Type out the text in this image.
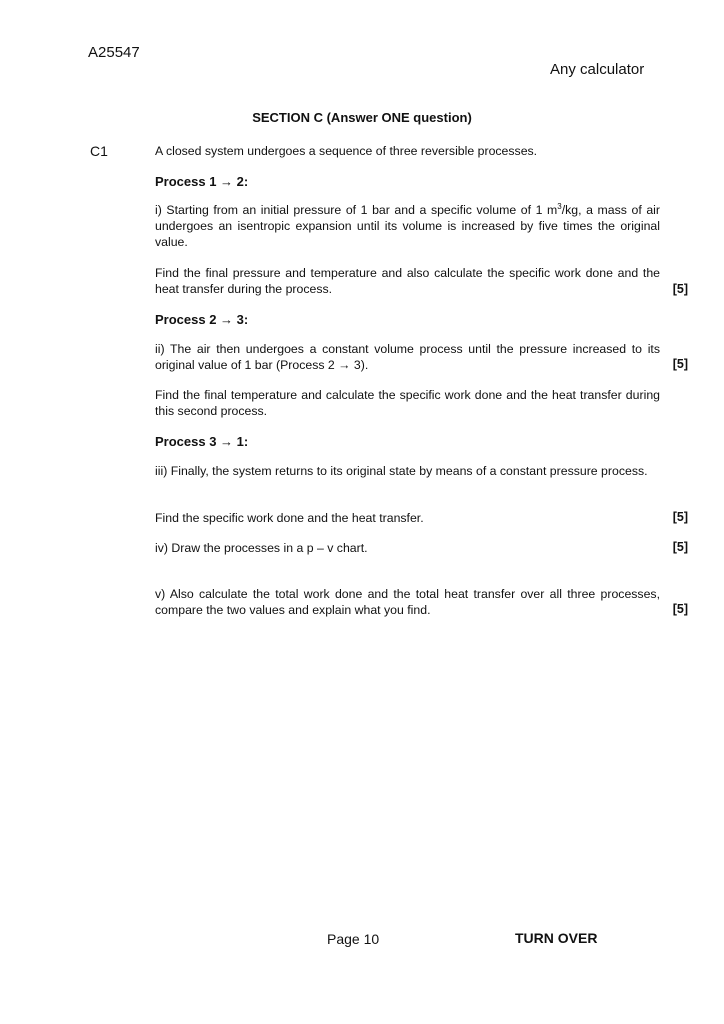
A25547
Any calculator
SECTION C (Answer ONE question)
C1	A closed system undergoes a sequence of three reversible processes.
Process 1 → 2:
i) Starting from an initial pressure of 1 bar and a specific volume of 1 $m^3/kg$, a mass of air undergoes an isentropic expansion until its volume is increased by five times the original value.
Find the final pressure and temperature and also calculate the specific work done and the heat transfer during the process.	[5]
Process 2 → 3:
ii) The air then undergoes a constant volume process until the pressure increased to its original value of 1 bar (Process 2 → 3).	[5]
Find the final temperature and calculate the specific work done and the heat transfer during this second process.
Process 3 → 1:
iii) Finally, the system returns to its original state by means of a constant pressure process.
Find the specific work done and the heat transfer.	[5]
iv) Draw the processes in a p – v chart.	[5]
v) Also calculate the total work done and the total heat transfer over all three processes, compare the two values and explain what you find.	[5]
Page 10	TURN OVER
